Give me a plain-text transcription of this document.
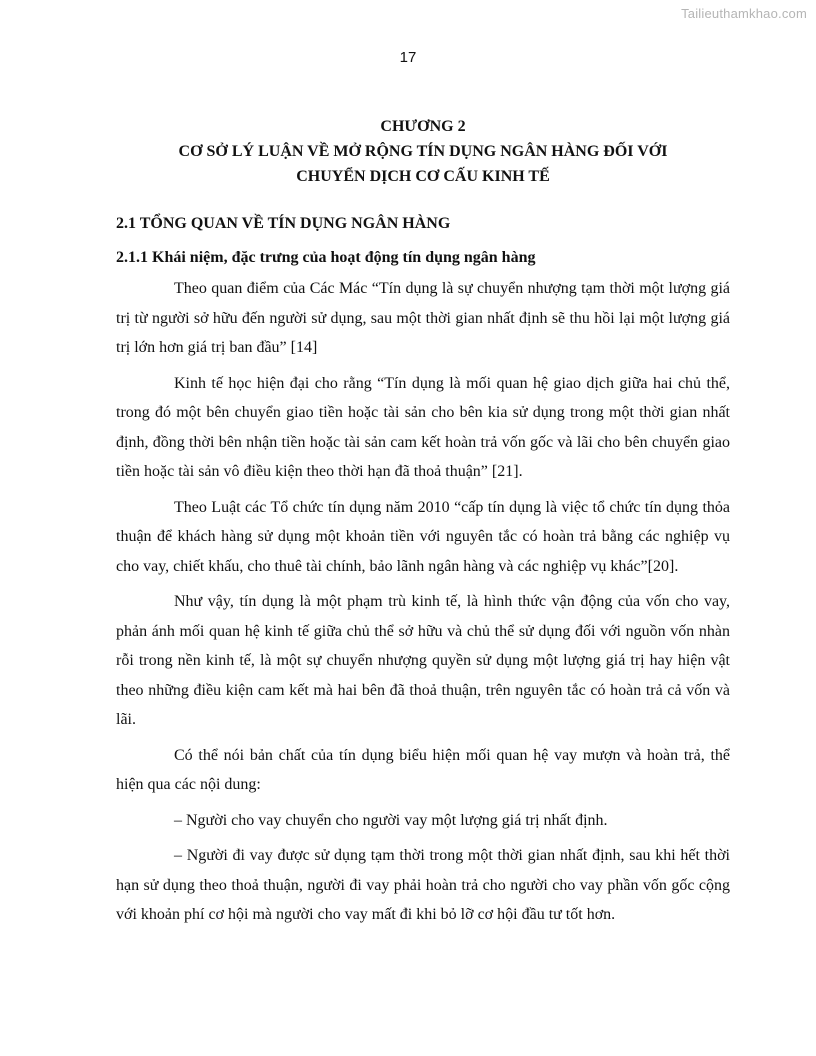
Tailieuthamkhao.com
17
CHƯƠNG 2
CƠ SỞ LÝ LUẬN VỀ MỞ RỘNG TÍN DỤNG NGÂN HÀNG ĐỐI VỚI
CHUYỂN DỊCH CƠ CẤU KINH TẾ
2.1 TỔNG QUAN VỀ TÍN DỤNG NGÂN HÀNG
2.1.1 Khái niệm, đặc trưng của hoạt động tín dụng ngân hàng

Theo quan điểm của Các Mác “Tín dụng là sự chuyển nhượng tạm thời một lượng giá trị từ người sở hữu đến người sử dụng, sau một thời gian nhất định sẽ thu hồi lại một lượng giá trị lớn hơn giá trị ban đầu” [14]

Kinh tế học hiện đại cho rằng “Tín dụng là mối quan hệ giao dịch giữa hai chủ thể, trong đó một bên chuyển giao tiền hoặc tài sản cho bên kia sử dụng trong một thời gian nhất định, đồng thời bên nhận tiền hoặc tài sản cam kết hoàn trả vốn gốc và lãi cho bên chuyển giao tiền hoặc tài sản vô điều kiện theo thời hạn đã thoả thuận” [21].

Theo Luật các Tổ chức tín dụng năm 2010 “cấp tín dụng là việc tổ chức tín dụng thỏa thuận để khách hàng sử dụng một khoản tiền với nguyên tắc có hoàn trả bằng các nghiệp vụ cho vay, chiết khấu, cho thuê tài chính, bảo lãnh ngân hàng và các nghiệp vụ khác”[20].

Như vậy, tín dụng là một phạm trù kinh tế, là hình thức vận động của vốn cho vay, phản ánh mối quan hệ kinh tế giữa chủ thể sở hữu và chủ thể sử dụng đối với nguồn vốn nhàn rỗi trong nền kinh tế, là một sự chuyển nhượng quyền sử dụng một lượng giá trị hay hiện vật theo những điều kiện cam kết mà hai bên đã thoả thuận, trên nguyên tắc có hoàn trả cả vốn và lãi.

Có thể nói bản chất của tín dụng biểu hiện mối quan hệ vay mượn và hoàn trả, thể hiện qua các nội dung:

– Người cho vay chuyển cho người vay một lượng giá trị nhất định.

– Người đi vay được sử dụng tạm thời trong một thời gian nhất định, sau khi hết thời hạn sử dụng theo thoả thuận, người đi vay phải hoàn trả cho người cho vay phần vốn gốc cộng với khoản phí cơ hội mà người cho vay mất đi khi bỏ lỡ cơ hội đầu tư tốt hơn.
